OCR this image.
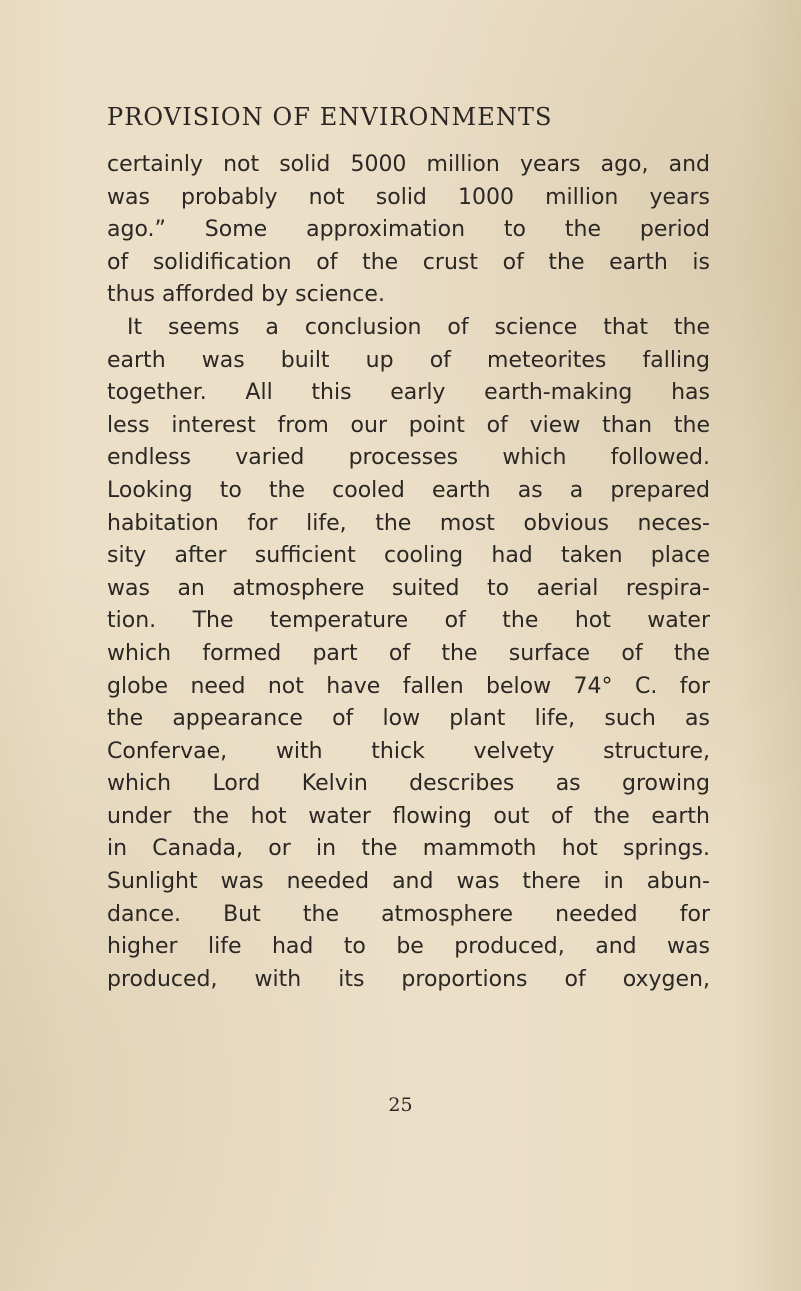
PROVISION OF ENVIRONMENTS
certainly not solid 5000 million years ago, and
was probably not solid 1000 million years
ago.” Some approximation to the period
of solidification of the crust of the earth is
thus afforded by science.
It seems a conclusion of science that the
earth was built up of meteorites falling
together. All this early earth-making has
less interest from our point of view than the
endless varied processes which followed.
Looking to the cooled earth as a prepared
habitation for life, the most obvious neces-
sity after sufficient cooling had taken place
was an atmosphere suited to aerial respira-
tion. The temperature of the hot water
which formed part of the surface of the
globe need not have fallen below 74° C. for
the appearance of low plant life, such as
Confervae, with thick velvety structure,
which Lord Kelvin describes as growing
under the hot water flowing out of the earth
in Canada, or in the mammoth hot springs.
Sunlight was needed and was there in abun-
dance. But the atmosphere needed for
higher life had to be produced, and was
produced, with its proportions of oxygen,
25
